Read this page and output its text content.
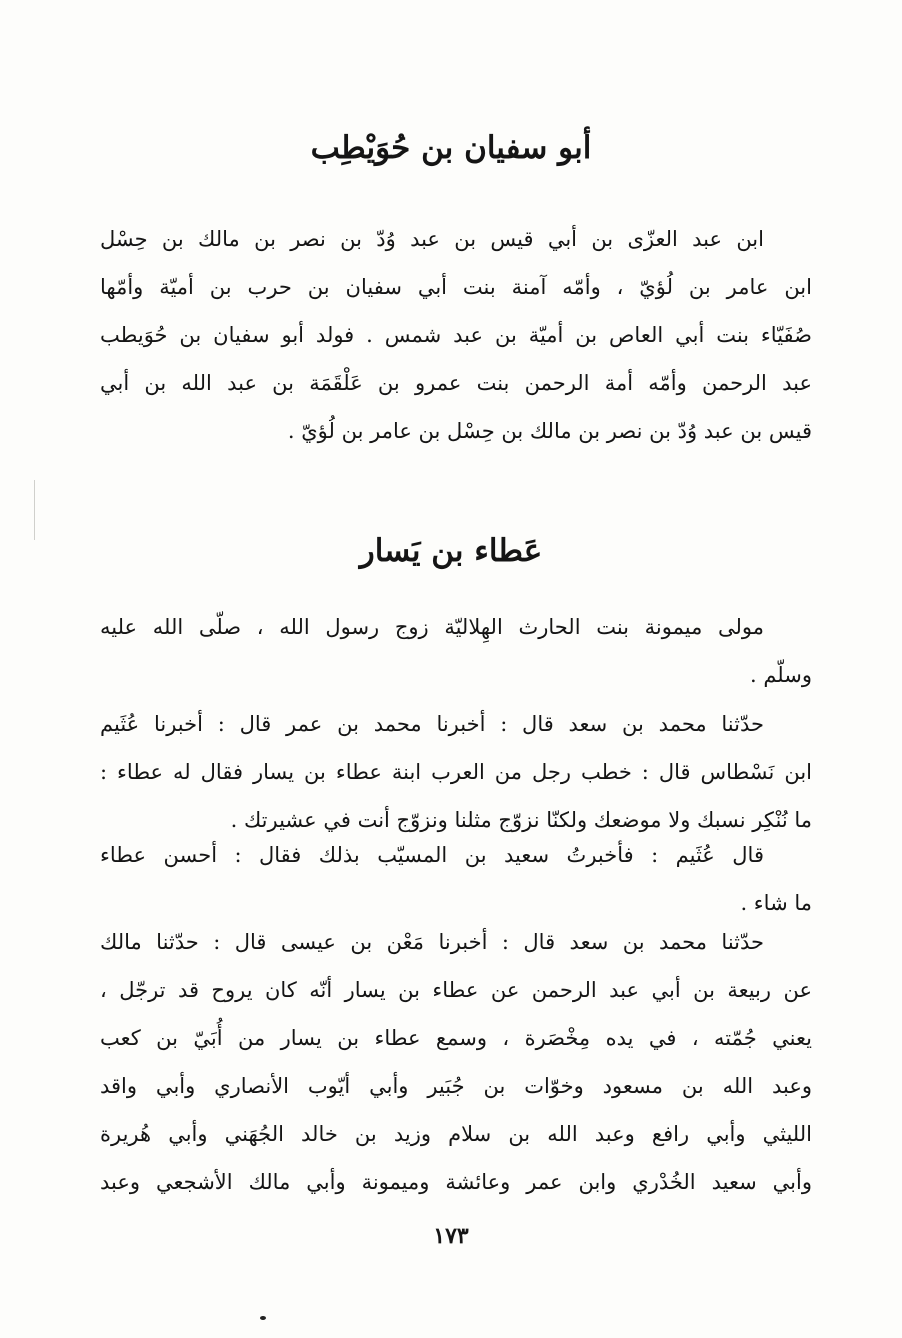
أبو سفيان بن حُوَيْطِب
ابن عبد العزّى بن أبي قيس بن عبد وُدّ بن نصر بن مالك بن حِسْل
ابن عامر بن لُؤيّ ، وأمّه آمنة بنت أبي سفيان بن حرب بن أميّة وأمّها
صُفَيّاء بنت أبي العاص بن أميّة بن عبد شمس . فولد أبو سفيان بن حُوَيطب
عبد الرحمن وأمّه أمة الرحمن بنت عمرو بن عَلْقَمَة بن عبد الله بن أبي
قيس بن عبد وُدّ بن نصر بن مالك بن حِسْل بن عامر بن لُؤيّ .
عَطاء بن يَسار
مولى ميمونة بنت الحارث الهِلاليّة زوج رسول الله ، صلّى الله عليه
وسلّم .
حدّثنا محمد بن سعد قال : أخبرنا محمد بن عمر قال : أخبرنا عُثَيم
ابن نَسْطاس قال : خطب رجل من العرب ابنة عطاء بن يسار فقال له عطاء :
ما نُنْكِر نسبك ولا موضعك ولكنّا نزوّج مثلنا ونزوّج أنت في عشيرتك .
قال عُثَيم : فأخبرتُ سعيد بن المسيّب بذلك فقال : أحسن عطاء
ما شاء .
حدّثنا محمد بن سعد قال : أخبرنا مَعْن بن عيسى قال : حدّثنا مالك
عن ربيعة بن أبي عبد الرحمن عن عطاء بن يسار أنّه كان يروح قد ترجّل ،
يعني جُمّته ، في يده مِخْصَرة ، وسمع عطاء بن يسار من أُبَيّ بن كعب
وعبد الله بن مسعود وخوّات بن جُبَير وأبي أيّوب الأنصاري وأبي واقد
الليثي وأبي رافع وعبد الله بن سلام وزيد بن خالد الجُهَني وأبي هُريرة
وأبي سعيد الخُدْري وابن عمر وعائشة وميمونة وأبي مالك الأشجعي وعبد
١٧٣
